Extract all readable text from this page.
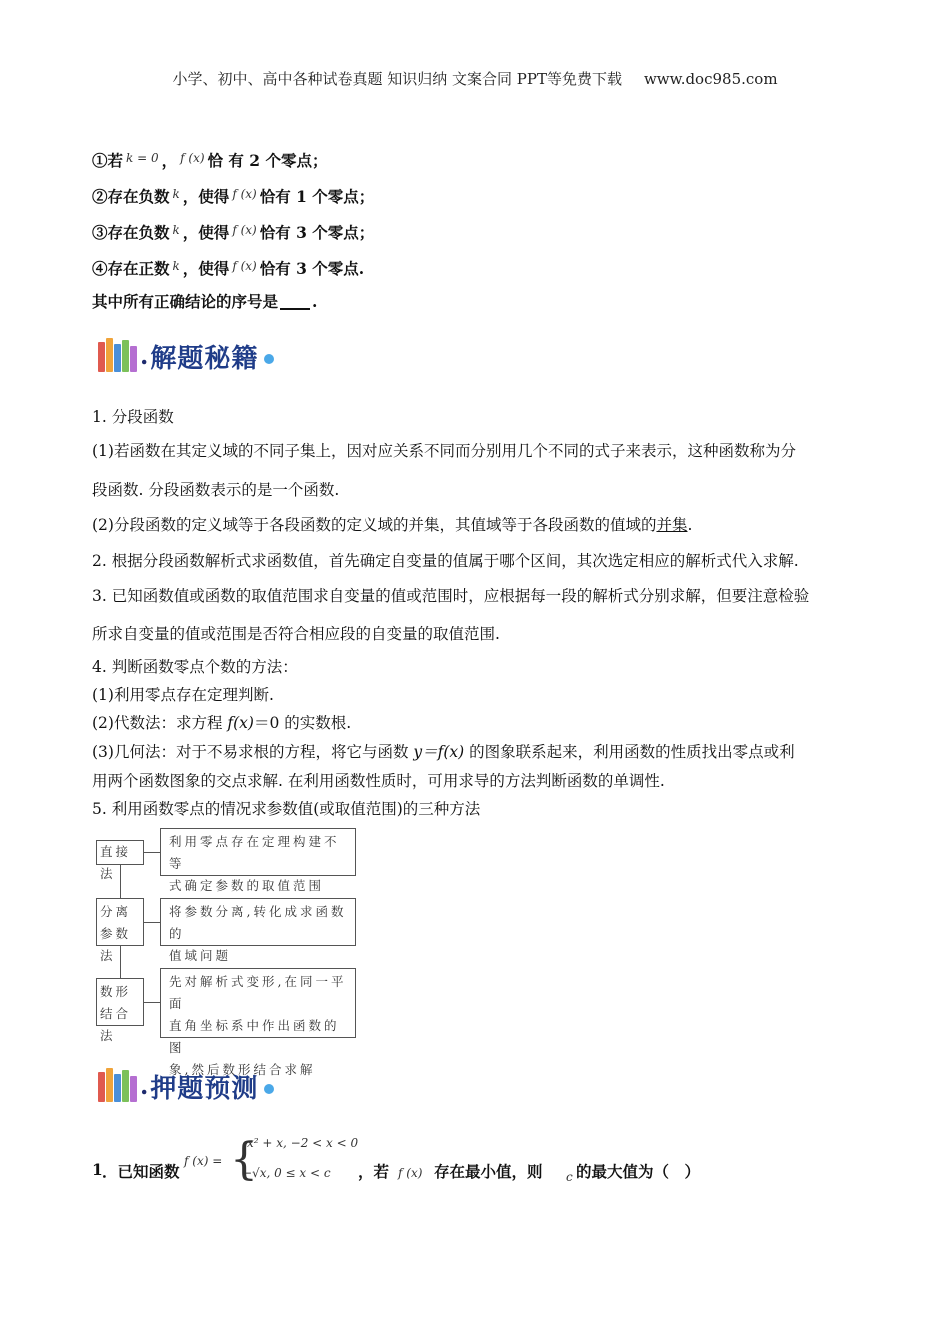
小学、初中、高中各种试卷真题 知识归纳 文案合同 PPT等免费下载 www.doc985.com
①若 $^{k = 0}$ ， $^{f (x)}$ 恰 有 2 个零点；
②存在负数 $^k$ ，使得 $^{f (x)}$ 恰有 1 个零点；
③存在负数 $^k$ ，使得 $^{f (x)}$ 恰有 3 个零点；
④存在正数 $^k$ ，使得 $^{f (x)}$ 恰有 3 个零点.
其中所有正确结论的序号是 .
. 解题秘籍
1. 分段函数
(1)若函数在其定义域的不同子集上，因对应关系不同而分别用几个不同的式子来表示，这种函数称为分
段函数. 分段函数表示的是一个函数.
(2)分段函数的定义域等于各段函数的定义域的并集，其值域等于各段函数的值域的并集.
2. 根据分段函数解析式求函数值，首先确定自变量的值属于哪个区间，其次选定相应的解析式代入求解.
3. 已知函数值或函数的取值范围求自变量的值或范围时，应根据每一段的解析式分别求解，但要注意检验
所求自变量的值或范围是否符合相应段的自变量的取值范围.
4. 判断函数零点个数的方法：
(1)利用零点存在定理判断.
(2)代数法：求方程 f(x)＝0 的实数根.
(3)几何法：对于不易求根的方程，将它与函数 y＝f(x) 的图象联系起来，利用函数的性质找出零点或利
用两个函数图象的交点求解. 在利用函数性质时，可用求导的方法判断函数的单调性.
5. 利用函数零点的情况求参数值(或取值范围)的三种方法
直接法
利用零点存在定理构建不等
式确定参数的取值范围
分离
参数法
将参数分离,转化成求函数的
值域问题
数形
结合法
先对解析式变形,在同一平面
直角坐标系中作出函数的图
象,然后数形结合求解
. 押题预测
1 ．已知函数
f (x) = {
x² + x, −2 < x < 0
−√x, 0 ≤ x < c ，若 f (x) 存在最小值，则 c 的最大值为（　）
